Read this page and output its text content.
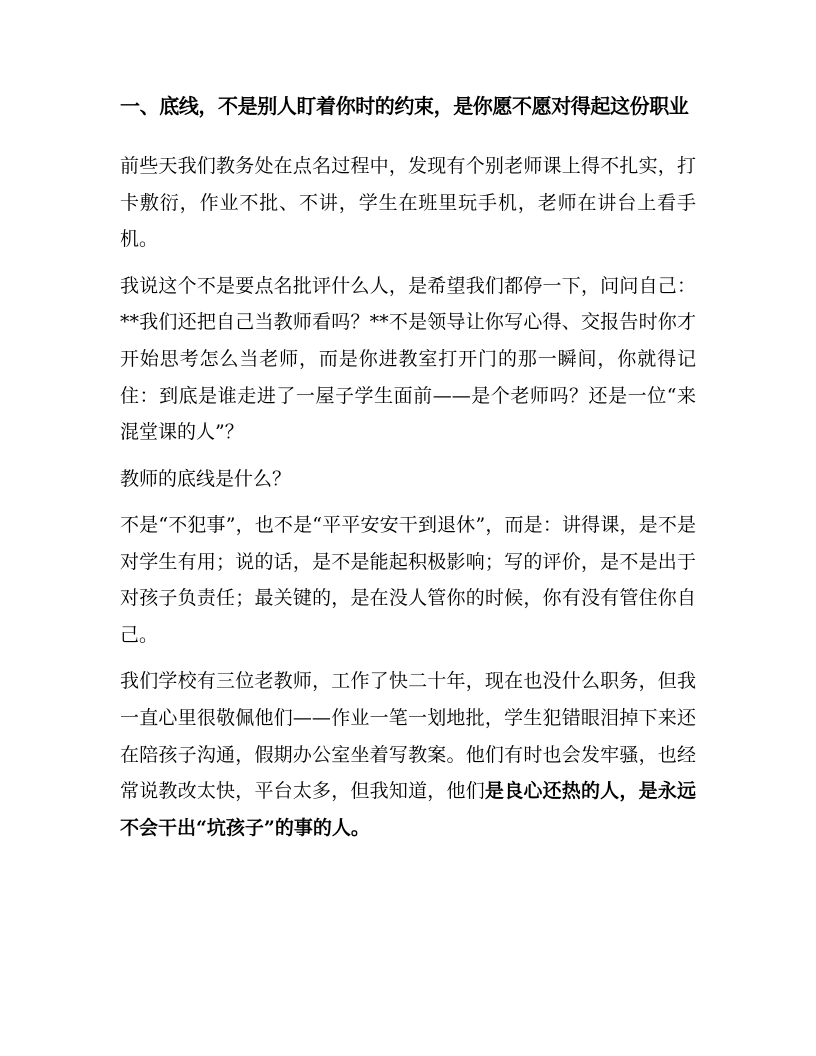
一、底线，不是别人盯着你时的约束，是你愿不愿对得起这份职业

前些天我们教务处在点名过程中，发现有个别老师课上得不扎实，打卡敷衍，作业不批、不讲，学生在班里玩手机，老师在讲台上看手机。

我说这个不是要点名批评什么人，是希望我们都停一下，问问自己：**我们还把自己当教师看吗？**不是领导让你写心得、交报告时你才开始思考怎么当老师，而是你进教室打开门的那一瞬间，你就得记住：到底是谁走进了一屋子学生面前——是个老师吗？还是一位“来混堂课的人”？

教师的底线是什么？

不是“不犯事”，也不是“平平安安干到退休”，而是：讲得课，是不是对学生有用；说的话，是不是能起积极影响；写的评价，是不是出于对孩子负责任；最关键的，是在没人管你的时候，你有没有管住你自己。

我们学校有三位老教师，工作了快二十年，现在也没什么职务，但我一直心里很敬佩他们——作业一笔一划地批，学生犯错眼泪掉下来还在陪孩子沟通，假期办公室坐着写教案。他们有时也会发牢骚，也经常说教改太快，平台太多，但我知道，他们是良心还热的人，是永远不会干出“坑孩子”的事的人。
